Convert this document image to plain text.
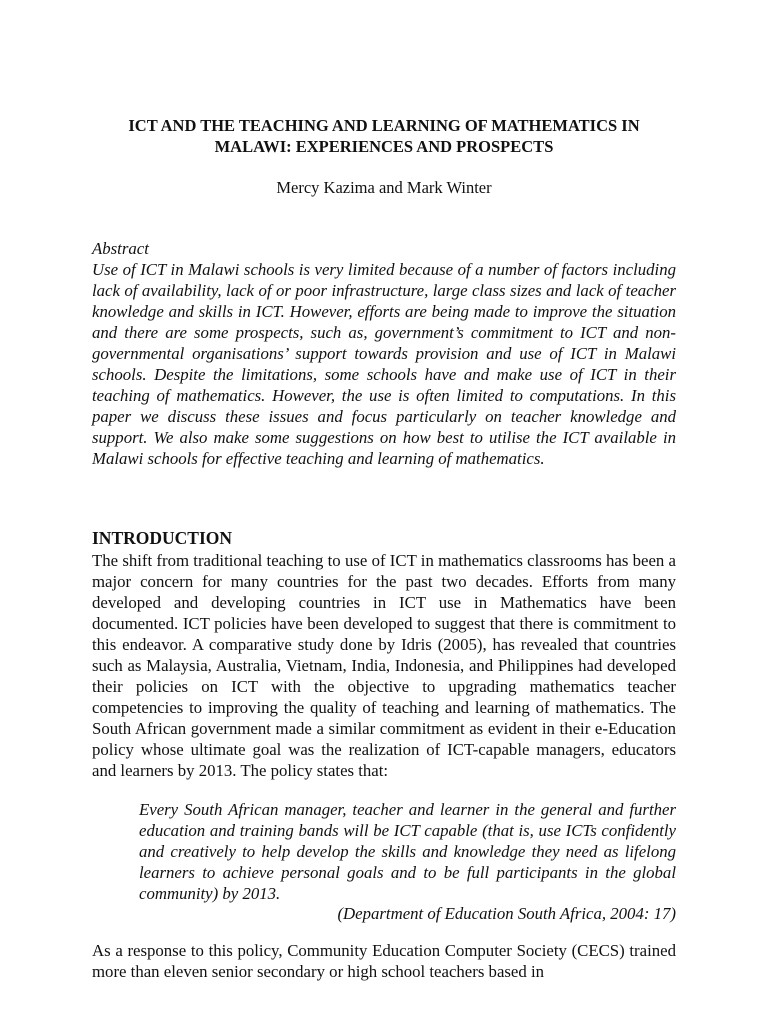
ICT AND THE TEACHING AND LEARNING OF MATHEMATICS IN MALAWI: EXPERIENCES AND PROSPECTS
Mercy Kazima and Mark Winter

Abstract

Use of ICT in Malawi schools is very limited because of a number of factors including lack of availability, lack of or poor infrastructure, large class sizes and lack of teacher knowledge and skills in ICT. However, efforts are being made to improve the situation and there are some prospects, such as, government’s commitment to ICT and non-governmental organisations’ support towards provision and use of ICT in Malawi schools. Despite the limitations, some schools have and make use of ICT in their teaching of mathematics. However, the use is often limited to computations. In this paper we discuss these issues and focus particularly on teacher knowledge and support. We also make some suggestions on how best to utilise the ICT available in Malawi schools for effective teaching and learning of mathematics.

INTRODUCTION

The shift from traditional teaching to use of ICT in mathematics classrooms has been a major concern for many countries for the past two decades. Efforts from many developed and developing countries in ICT use in Mathematics have been documented. ICT policies have been developed to suggest that there is commitment to this endeavor. A comparative study done by Idris (2005), has revealed that countries such as Malaysia, Australia, Vietnam, India, Indonesia, and Philippines had developed their policies on ICT with the objective to upgrading mathematics teacher competencies to improving the quality of teaching and learning of mathematics. The South African government made a similar commitment as evident in their e-Education policy whose ultimate goal was the realization of ICT-capable managers, educators and learners by 2013. The policy states that:

Every South African manager, teacher and learner in the general and further education and training bands will be ICT capable (that is, use ICTs confidently and creatively to help develop the skills and knowledge they need as lifelong learners to achieve personal goals and to be full participants in the global community) by 2013.

(Department of Education South Africa, 2004: 17)

As a response to this policy, Community Education Computer Society (CECS) trained more than eleven senior secondary or high school teachers based in
